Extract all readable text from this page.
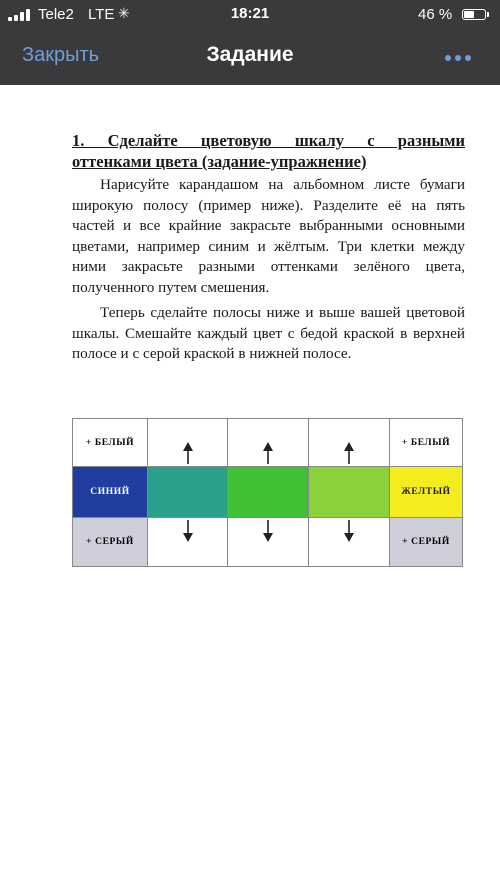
Tele2 LTE ✳	18:21	46 %
Закрыть	Задание

1. Сделайте цветовую шкалу с разными

оттенками цвета (задание-упражнение)

Нарисуйте карандашом на альбомном листе бумаги широкую полосу (пример ниже). Разделите её на пять частей и все крайние закрасьте выбранными основными цветами, например синим и жёлтым. Три клетки между ними закрасьте разными оттенками зелёного цвета, полученного путем смешения.

Теперь сделайте полосы ниже и выше вашей цветовой шкалы. Смешайте каждый цвет с бедой краской в верхней полосе и с серой краской в нижней полосе.

+ БЕЛЫЙ	+ БЕЛЫЙ
СИНИЙ	ЖЕЛТЫЙ
+ СЕРЫЙ	+ СЕРЫЙ
